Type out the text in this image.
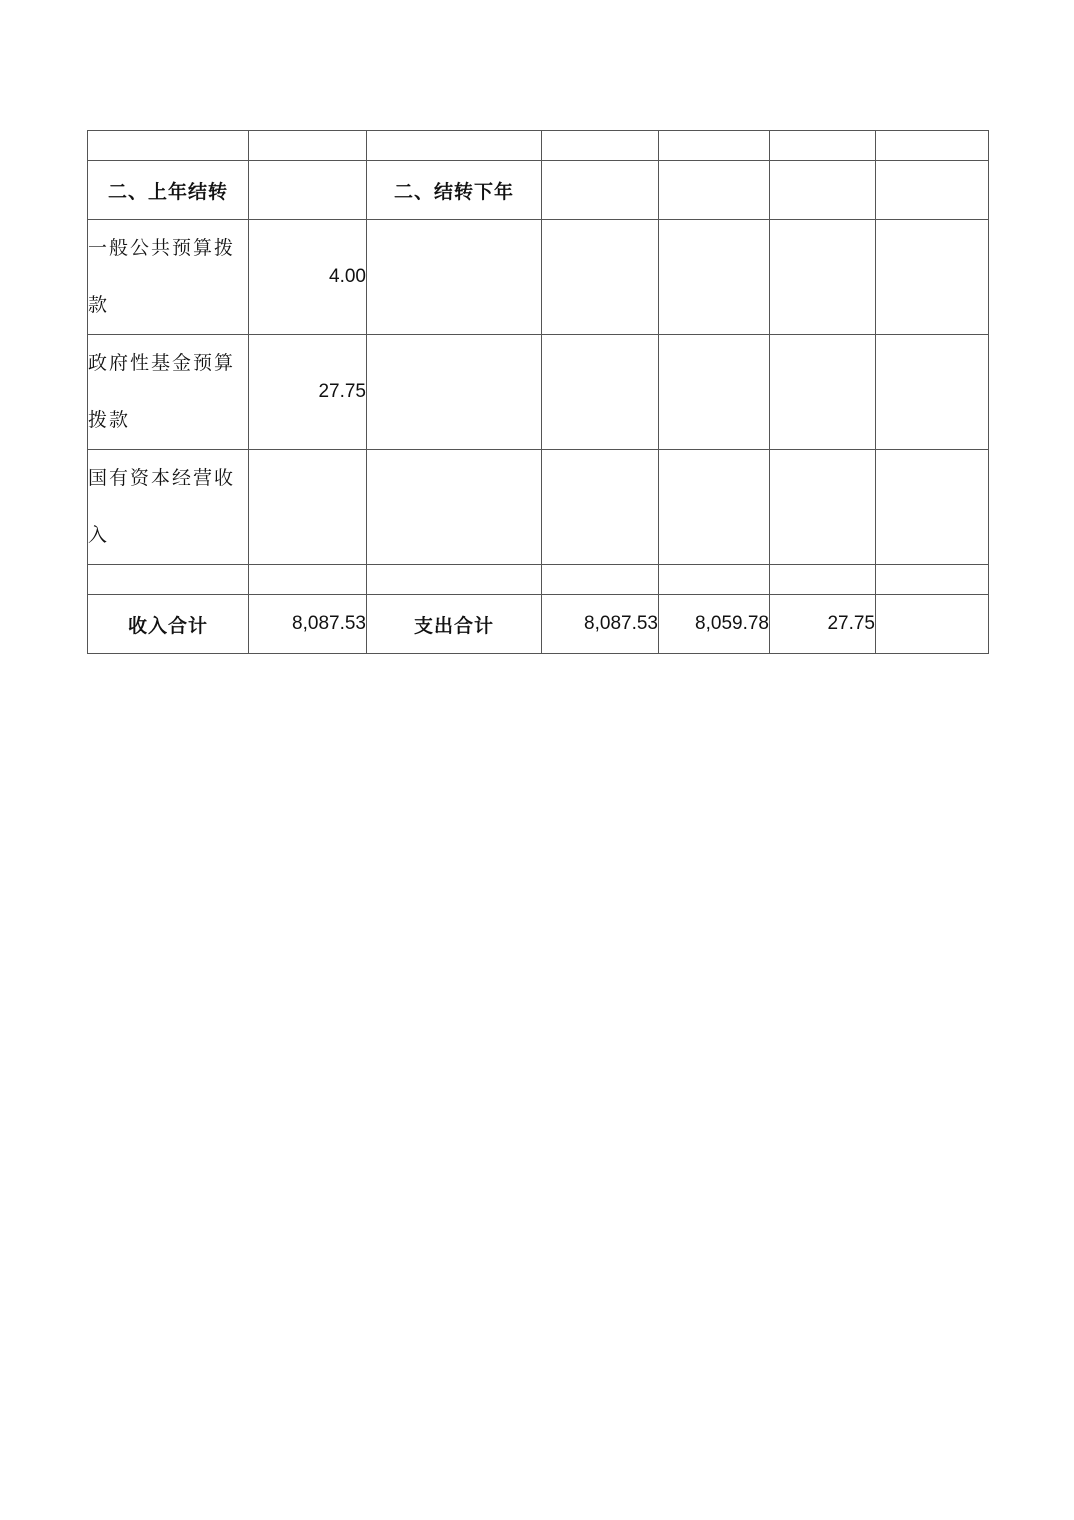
二、上年结转		二、结转下年				
一般公共预算拨款	4.00					
政府性基金预算拨款	27.75					
国有资本经营收入						

收入合计	8,087.53	支出合计	8,087.53	8,059.78	27.75	
